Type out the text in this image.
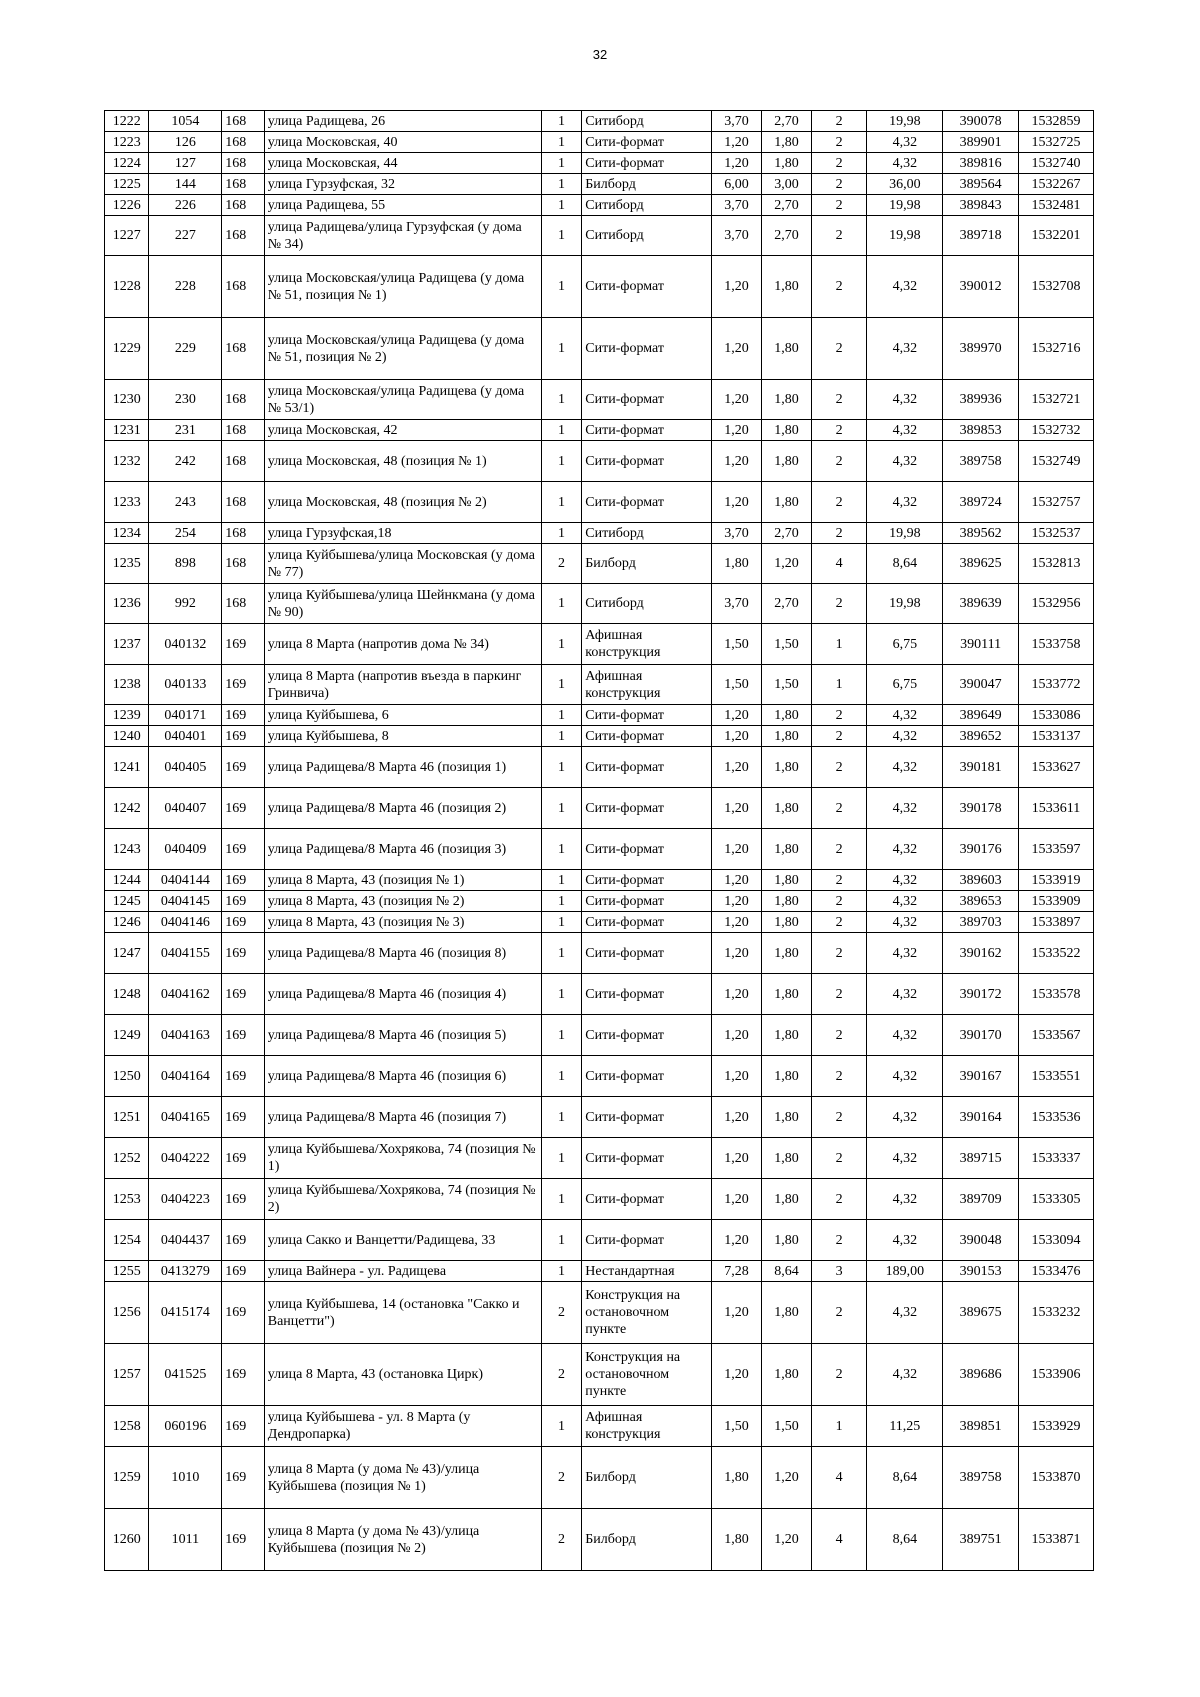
32
1222	1054	168	улица Радищева, 26	1	Ситиборд	3,70	2,70	2	19,98	390078	1532859
1223	126	168	улица Московская, 40	1	Сити-формат	1,20	1,80	2	4,32	389901	1532725
1224	127	168	улица Московская, 44	1	Сити-формат	1,20	1,80	2	4,32	389816	1532740
1225	144	168	улица Гурзуфская, 32	1	Билборд	6,00	3,00	2	36,00	389564	1532267
1226	226	168	улица Радищева, 55	1	Ситиборд	3,70	2,70	2	19,98	389843	1532481
1227	227	168	улица Радищева/улица Гурзуфская (у дома № 34)	1	Ситиборд	3,70	2,70	2	19,98	389718	1532201
1228	228	168	улица Московская/улица Радищева (у дома № 51, позиция № 1)	1	Сити-формат	1,20	1,80	2	4,32	390012	1532708
1229	229	168	улица Московская/улица Радищева (у дома № 51, позиция № 2)	1	Сити-формат	1,20	1,80	2	4,32	389970	1532716
1230	230	168	улица Московская/улица Радищева (у дома № 53/1)	1	Сити-формат	1,20	1,80	2	4,32	389936	1532721
1231	231	168	улица Московская, 42	1	Сити-формат	1,20	1,80	2	4,32	389853	1532732
1232	242	168	улица Московская, 48 (позиция № 1)	1	Сити-формат	1,20	1,80	2	4,32	389758	1532749
1233	243	168	улица Московская, 48 (позиция № 2)	1	Сити-формат	1,20	1,80	2	4,32	389724	1532757
1234	254	168	улица Гурзуфская,18	1	Ситиборд	3,70	2,70	2	19,98	389562	1532537
1235	898	168	улица Куйбышева/улица Московская (у дома № 77)	2	Билборд	1,80	1,20	4	8,64	389625	1532813
1236	992	168	улица Куйбышева/улица Шейнкмана (у дома № 90)	1	Ситиборд	3,70	2,70	2	19,98	389639	1532956
1237	040132	169	улица 8 Марта (напротив дома № 34)	1	Афишная конструкция	1,50	1,50	1	6,75	390111	1533758
1238	040133	169	улица 8 Марта (напротив въезда в паркинг Гринвича)	1	Афишная конструкция	1,50	1,50	1	6,75	390047	1533772
1239	040171	169	улица Куйбышева, 6	1	Сити-формат	1,20	1,80	2	4,32	389649	1533086
1240	040401	169	улица Куйбышева, 8	1	Сити-формат	1,20	1,80	2	4,32	389652	1533137
1241	040405	169	улица Радищева/8 Марта 46 (позиция 1)	1	Сити-формат	1,20	1,80	2	4,32	390181	1533627
1242	040407	169	улица Радищева/8 Марта 46 (позиция 2)	1	Сити-формат	1,20	1,80	2	4,32	390178	1533611
1243	040409	169	улица Радищева/8 Марта 46 (позиция 3)	1	Сити-формат	1,20	1,80	2	4,32	390176	1533597
1244	0404144	169	улица 8 Марта, 43 (позиция № 1)	1	Сити-формат	1,20	1,80	2	4,32	389603	1533919
1245	0404145	169	улица 8 Марта, 43 (позиция № 2)	1	Сити-формат	1,20	1,80	2	4,32	389653	1533909
1246	0404146	169	улица 8 Марта, 43 (позиция № 3)	1	Сити-формат	1,20	1,80	2	4,32	389703	1533897
1247	0404155	169	улица Радищева/8 Марта 46 (позиция 8)	1	Сити-формат	1,20	1,80	2	4,32	390162	1533522
1248	0404162	169	улица Радищева/8 Марта 46 (позиция 4)	1	Сити-формат	1,20	1,80	2	4,32	390172	1533578
1249	0404163	169	улица Радищева/8 Марта 46 (позиция 5)	1	Сити-формат	1,20	1,80	2	4,32	390170	1533567
1250	0404164	169	улица Радищева/8 Марта 46 (позиция 6)	1	Сити-формат	1,20	1,80	2	4,32	390167	1533551
1251	0404165	169	улица Радищева/8 Марта 46 (позиция 7)	1	Сити-формат	1,20	1,80	2	4,32	390164	1533536
1252	0404222	169	улица Куйбышева/Хохрякова, 74 (позиция № 1)	1	Сити-формат	1,20	1,80	2	4,32	389715	1533337
1253	0404223	169	улица Куйбышева/Хохрякова, 74 (позиция № 2)	1	Сити-формат	1,20	1,80	2	4,32	389709	1533305
1254	0404437	169	улица Сакко и Ванцетти/Радищева, 33	1	Сити-формат	1,20	1,80	2	4,32	390048	1533094
1255	0413279	169	улица Вайнера - ул. Радищева	1	Нестандартная	7,28	8,64	3	189,00	390153	1533476
1256	0415174	169	улица Куйбышева, 14 (остановка "Сакко и Ванцетти")	2	Конструкция на остановочном пункте	1,20	1,80	2	4,32	389675	1533232
1257	041525	169	улица 8 Марта, 43 (остановка Цирк)	2	Конструкция на остановочном пункте	1,20	1,80	2	4,32	389686	1533906
1258	060196	169	улица Куйбышева - ул. 8 Марта (у Дендропарка)	1	Афишная конструкция	1,50	1,50	1	11,25	389851	1533929
1259	1010	169	улица 8 Марта (у дома № 43)/улица Куйбышева (позиция № 1)	2	Билборд	1,80	1,20	4	8,64	389758	1533870
1260	1011	169	улица 8 Марта (у дома № 43)/улица Куйбышева (позиция № 2)	2	Билборд	1,80	1,20	4	8,64	389751	1533871
